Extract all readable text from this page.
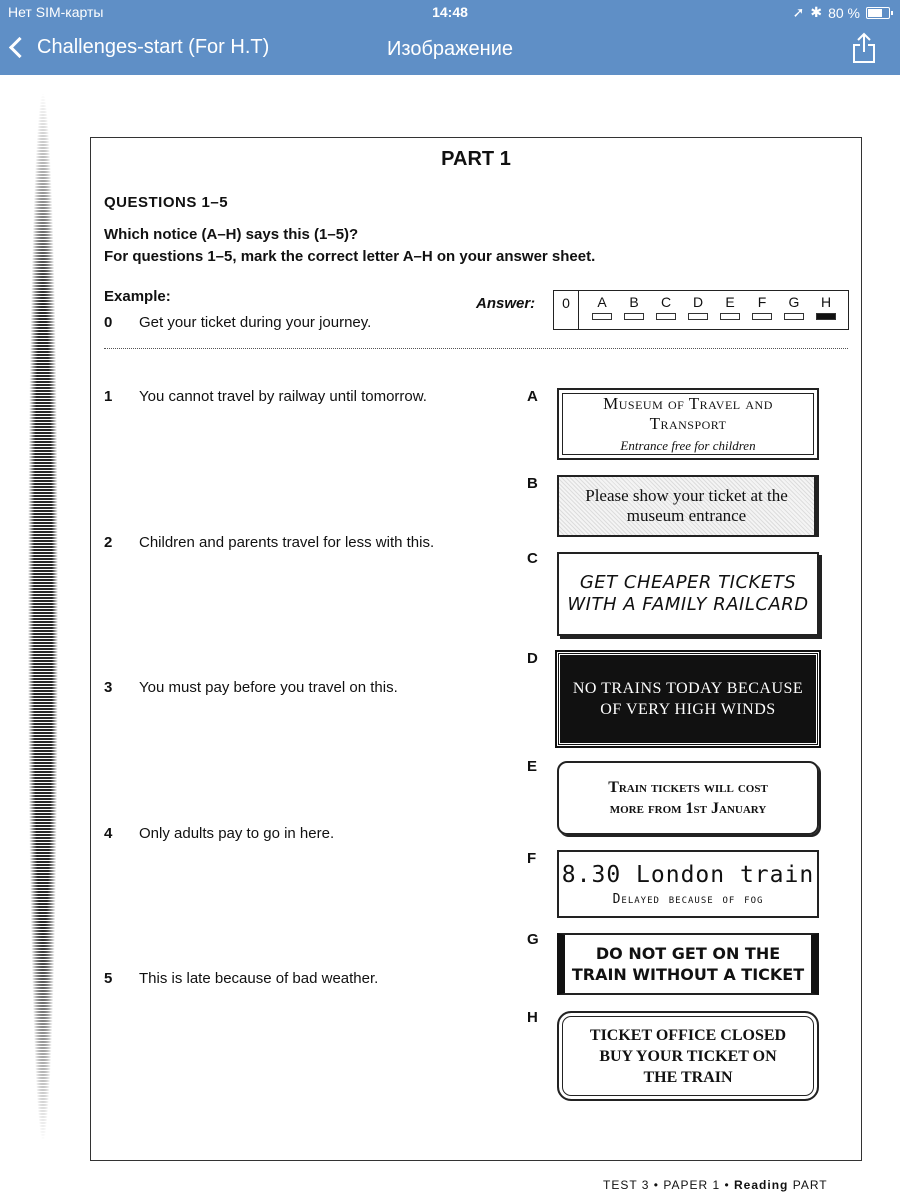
Нет SIM-карты	14:48	➚ ✱ 80 %
Challenges-start (For H.T)	Изображение
PART 1
QUESTIONS 1–5
Which notice (A–H) says this (1–5)?
For questions 1–5, mark the correct letter A–H on your answer sheet.
Example:
0 Get your ticket during your journey.
Answer:	0	A	B	C	D	E	F	G	H
1 You cannot travel by railway until tomorrow.
2 Children and parents travel for less with this.
3 You must pay before you travel on this.
4 Only adults pay to go in here.
5 This is late because of bad weather.
A
B
C
D
E
F
G
H
Museum of Travel and
Transport
Entrance free for children
Please show your ticket at the
museum entrance
GET CHEAPER TICKETS
WITH A FAMILY RAILCARD
NO TRAINS TODAY BECAUSE
OF VERY HIGH WINDS
Train tickets will cost
more from 1st January
8.30 London train
Delayed because of fog
DO NOT GET ON THE
TRAIN WITHOUT A TICKET
TICKET OFFICE CLOSED
BUY YOUR TICKET ON
THE TRAIN
TEST 3 • PAPER 1 • Reading PART
